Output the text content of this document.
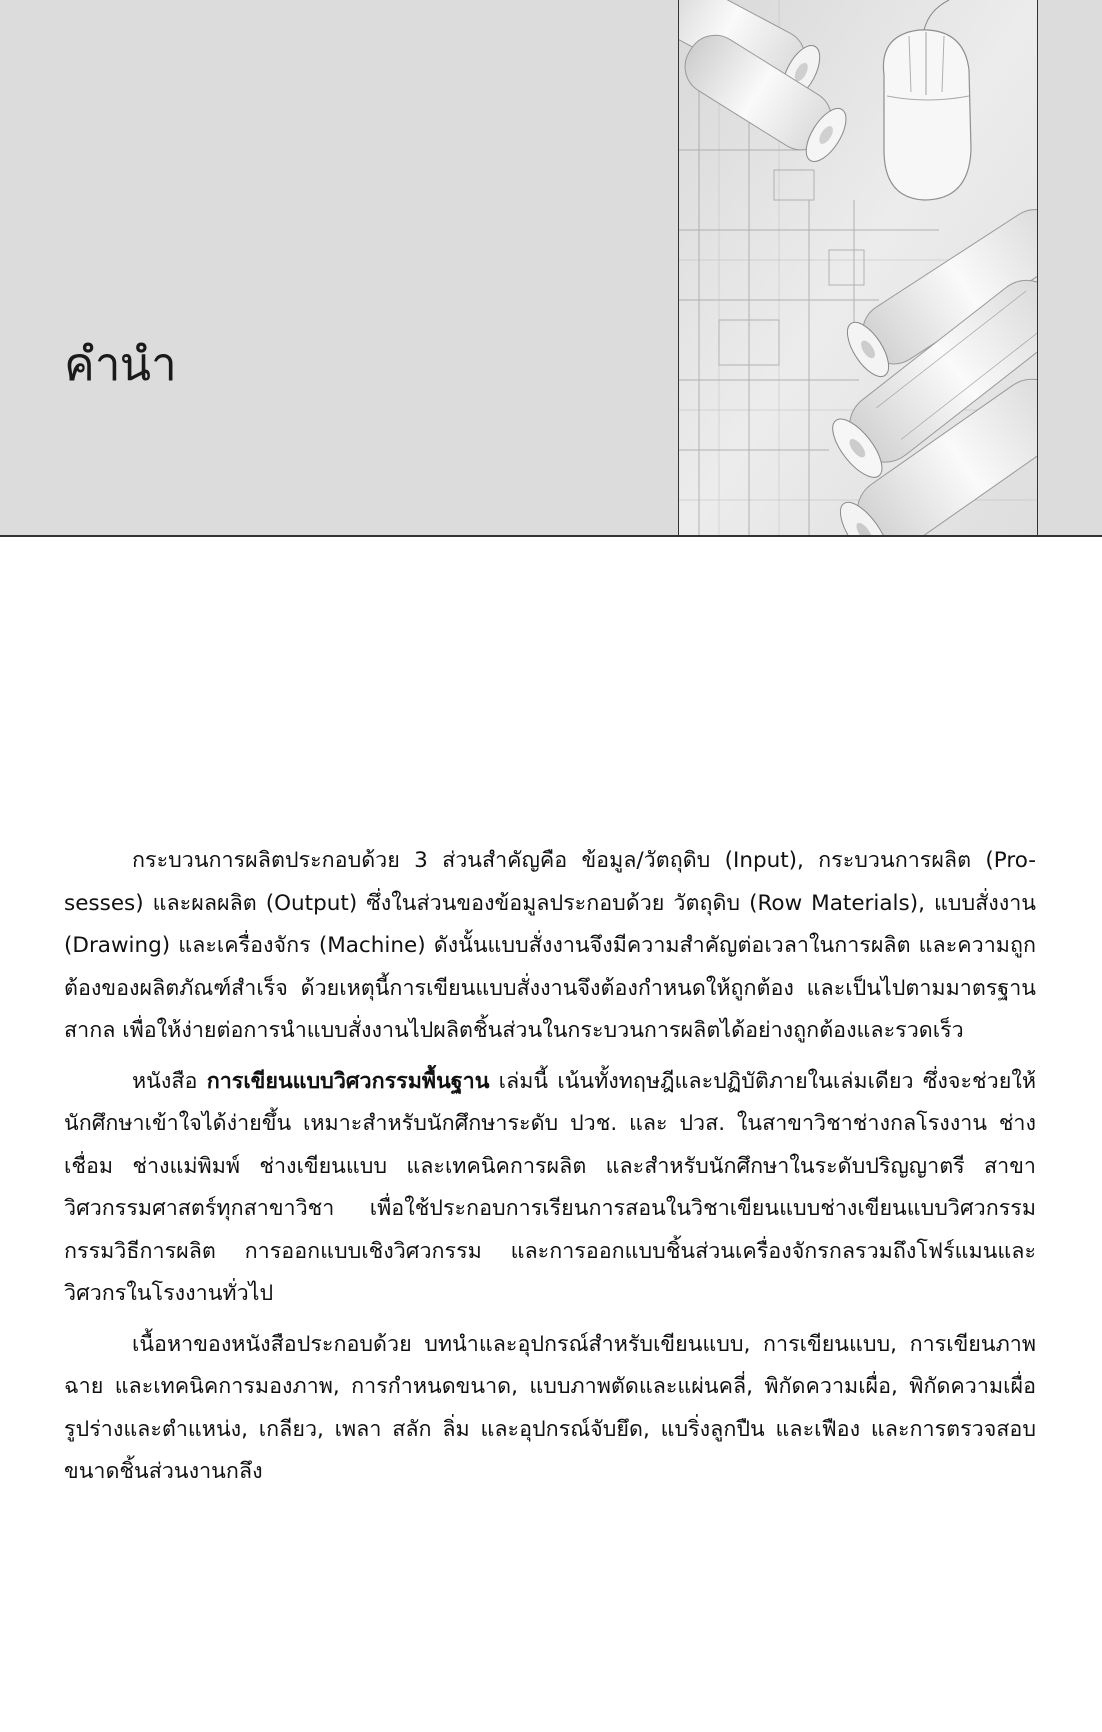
คำนำ

กระบวนการผลิตประกอบด้วย 3 ส่วนสำคัญคือ ข้อมูล/วัตถุดิบ (Input), กระบวนการผลิต (Pro-sesses) และผลผลิต (Output) ซึ่งในส่วนของข้อมูลประกอบด้วย วัตถุดิบ (Row Materials), แบบสั่งงาน (Drawing) และเครื่องจักร (Machine) ดังนั้นแบบสั่งงานจึงมีความสำคัญต่อเวลาในการผลิต และความถูกต้องของผลิตภัณฑ์สำเร็จ ด้วยเหตุนี้การเขียนแบบสั่งงานจึงต้องกำหนดให้ถูกต้อง และเป็นไปตามมาตรฐานสากล เพื่อให้ง่ายต่อการนำแบบสั่งงานไปผลิตชิ้นส่วนในกระบวนการผลิตได้อย่างถูกต้องและรวดเร็ว

หนังสือ การเขียนแบบวิศวกรรมพื้นฐาน เล่มนี้ เน้นทั้งทฤษฎีและปฏิบัติภายในเล่มเดียว ซึ่งจะช่วยให้นักศึกษาเข้าใจได้ง่ายขึ้น เหมาะสำหรับนักศึกษาระดับ ปวช. และ ปวส. ในสาขาวิชาช่างกลโรงงาน ช่างเชื่อม ช่างแม่พิมพ์ ช่างเขียนแบบ และเทคนิคการผลิต และสำหรับนักศึกษาในระดับปริญญาตรี สาขาวิศวกรรมศาสตร์ทุกสาขาวิชา เพื่อใช้ประกอบการเรียนการสอนในวิชาเขียนแบบช่างเขียนแบบวิศวกรรม กรรมวิธีการผลิต การออกแบบเชิงวิศวกรรม และการออกแบบชิ้นส่วนเครื่องจักรกลรวมถึงโฟร์แมนและวิศวกรในโรงงานทั่วไป

เนื้อหาของหนังสือประกอบด้วย บทนำและอุปกรณ์สำหรับเขียนแบบ, การเขียนแบบ, การเขียนภาพฉาย และเทคนิคการมองภาพ, การกำหนดขนาด, แบบภาพตัดและแผ่นคลี่, พิกัดความเผื่อ, พิกัดความเผื่อรูปร่างและตำแหน่ง, เกลียว, เพลา สลัก ลิ่ม และอุปกรณ์จับยึด, แบริ่งลูกปืน และเฟือง และการตรวจสอบขนาดชิ้นส่วนงานกลึง
